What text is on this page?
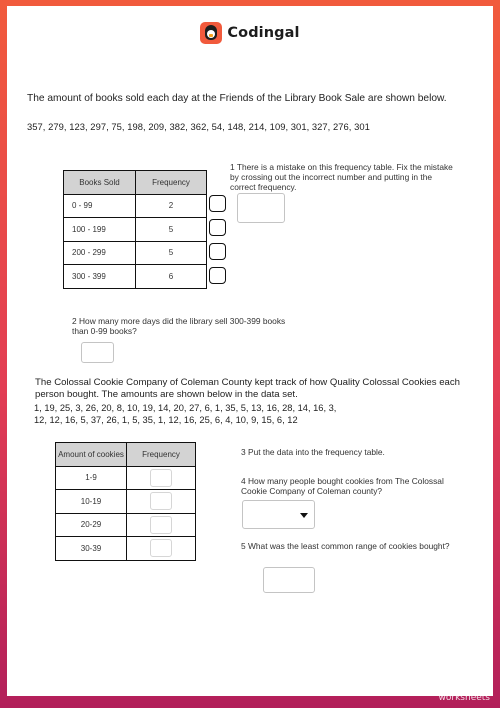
Codingal
The amount of books sold each day at the Friends of the Library Book Sale are shown below.
357, 279, 123, 297, 75, 198, 209, 382, 362, 54, 148, 214, 109, 301, 327, 276, 301
Books Sold	Frequency
0 - 99	2
100 - 199	5
200 - 299	5
300 - 399	6
1 There is a mistake on this frequency table. Fix the mistake by crossing out the incorrect number and putting in the correct frequency.
2 How many more days did the library sell 300-399 books than 0-99 books?
The Colossal Cookie Company of Coleman County kept track of how Quality Colossal Cookies each person bought. The amounts are shown below in the data set.
1, 19, 25, 3, 26, 20, 8, 10, 19, 14, 20, 27, 6, 1, 35, 5, 13, 16, 28, 14, 16, 3,
12, 12, 16, 5, 37, 26, 1, 5, 35, 1, 12, 16, 25, 6, 4, 10, 9, 15, 6, 12
Amount of cookies	Frequency
1-9	
10-19	
20-29	
30-39	
3 Put the data into the frequency table.
4 How many people bought cookies from The Colossal Cookie Company of Coleman county?
5 What was the least common range of cookies bought?
TOP
worksheets
